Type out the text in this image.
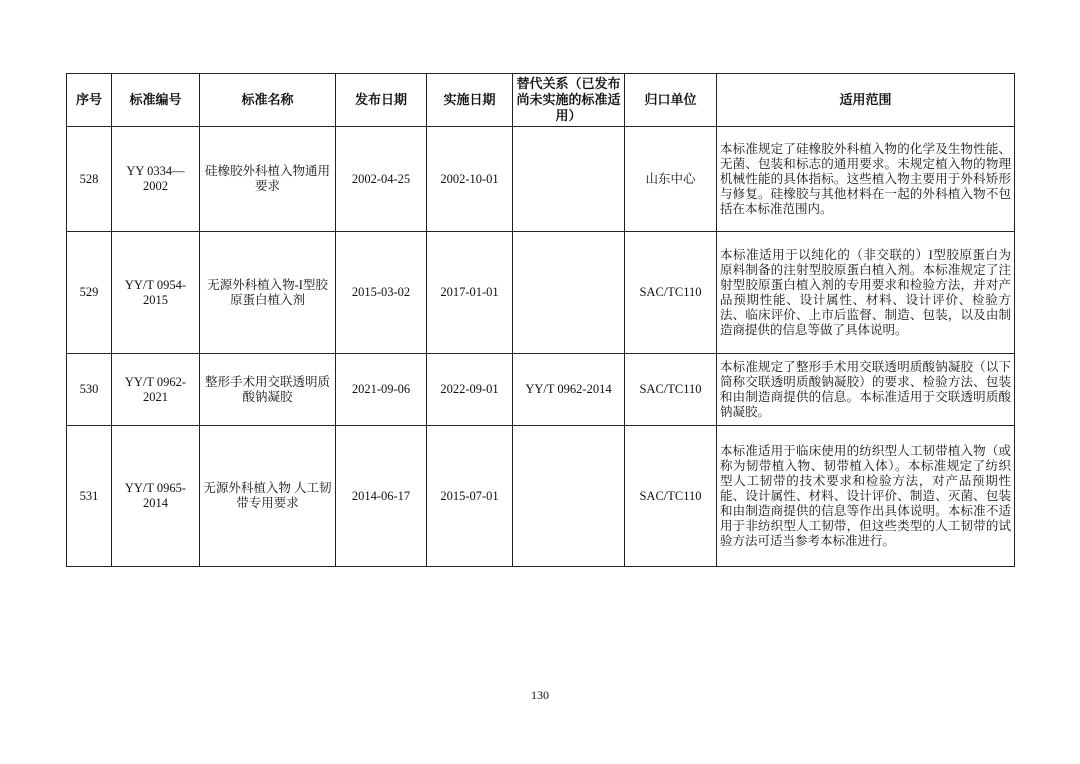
序号	标准编号	标准名称	发布日期	实施日期	替代关系（已发布尚未实施的标准适用）	归口单位	适用范围
528	YY 0334—2002	硅橡胶外科植入物通用要求	2002-04-25	2002-10-01		山东中心	本标准规定了硅橡胶外科植入物的化学及生物性能、无菌、包装和标志的通用要求。未规定植入物的物理机械性能的具体指标。这些植入物主要用于外科矫形与修复。硅橡胶与其他材料在一起的外科植入物不包括在本标准范围内。
529	YY/T 0954-2015	无源外科植入物-I型胶原蛋白植入剂	2015-03-02	2017-01-01		SAC/TC110	本标准适用于以纯化的（非交联的）I型胶原蛋白为原料制备的注射型胶原蛋白植入剂。本标准规定了注射型胶原蛋白植入剂的专用要求和检验方法，并对产品预期性能、设计属性、材料、设计评价、检验方法、临床评价、上市后监督、制造、包装，以及由制造商提供的信息等做了具体说明。
530	YY/T 0962-2021	整形手术用交联透明质酸钠凝胶	2021-09-06	2022-09-01	YY/T 0962-2014	SAC/TC110	本标准规定了整形手术用交联透明质酸钠凝胶（以下简称交联透明质酸钠凝胶）的要求、检验方法、包装和由制造商提供的信息。本标准适用于交联透明质酸钠凝胶。
531	YY/T 0965-2014	无源外科植入物 人工韧带专用要求	2014-06-17	2015-07-01		SAC/TC110	本标准适用于临床使用的纺织型人工韧带植入物（或称为韧带植入物、韧带植入体）。本标准规定了纺织型人工韧带的技术要求和检验方法，对产品预期性能、设计属性、材料、设计评价、制造、灭菌、包装和由制造商提供的信息等作出具体说明。本标准不适用于非纺织型人工韧带，但这些类型的人工韧带的试验方法可适当参考本标准进行。
130
